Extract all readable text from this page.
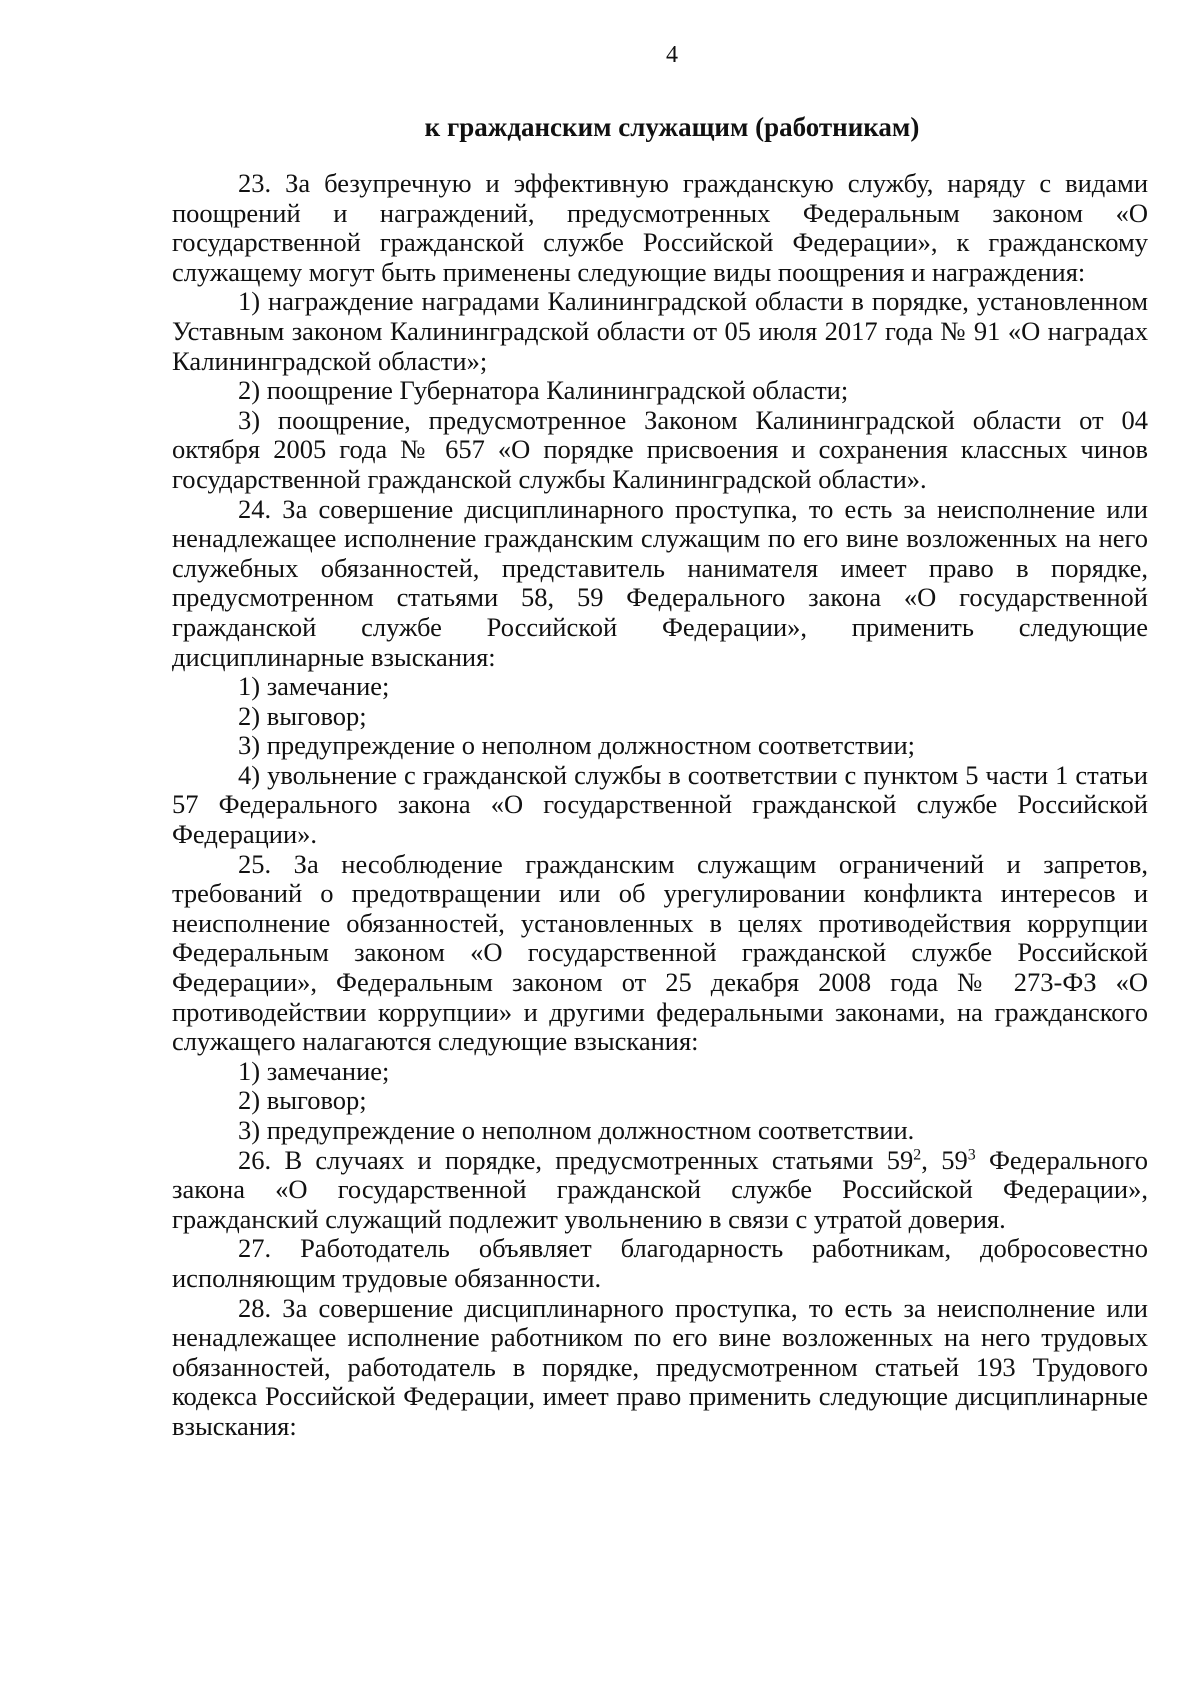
4
к гражданским служащим (работникам)

23. За безупречную и эффективную гражданскую службу, наряду с видами поощрений и награждений, предусмотренных Федеральным законом «О государственной гражданской службе Российской Федерации», к гражданскому служащему могут быть применены следующие виды поощрения и награждения:

1) награждение наградами Калининградской области в порядке, установленном Уставным законом Калининградской области от 05 июля 2017 года № 91 «О наградах Калининградской области»;

2) поощрение Губернатора Калининградской области;

3) поощрение, предусмотренное Законом Калининградской области от 04 октября 2005 года № 657 «О порядке присвоения и сохранения классных чинов государственной гражданской службы Калининградской области».

24. За совершение дисциплинарного проступка, то есть за неисполнение или ненадлежащее исполнение гражданским служащим по его вине возложенных на него служебных обязанностей, представитель нанимателя имеет право в порядке, предусмотренном статьями 58, 59 Федерального закона «О государственной гражданской службе Российской Федерации», применить следующие дисциплинарные взыскания:

1) замечание;

2) выговор;

3) предупреждение о неполном должностном соответствии;

4) увольнение с гражданской службы в соответствии с пунктом 5 части 1 статьи 57 Федерального закона «О государственной гражданской службе Российской Федерации».

25. За несоблюдение гражданским служащим ограничений и запретов, требований о предотвращении или об урегулировании конфликта интересов и неисполнение обязанностей, установленных в целях противодействия коррупции Федеральным законом «О государственной гражданской службе Российской Федерации», Федеральным законом от 25 декабря 2008 года № 273-ФЗ «О противодействии коррупции» и другими федеральными законами, на гражданского служащего налагаются следующие взыскания:

1) замечание;

2) выговор;

3) предупреждение о неполном должностном соответствии.

26. В случаях и порядке, предусмотренных статьями $59^2$, $59^3$ Федерального закона «О государственной гражданской службе Российской Федерации», гражданский служащий подлежит увольнению в связи с утратой доверия.

27. Работодатель объявляет благодарность работникам, добросовестно исполняющим трудовые обязанности.

28. За совершение дисциплинарного проступка, то есть за неисполнение или ненадлежащее исполнение работником по его вине возложенных на него трудовых обязанностей, работодатель в порядке, предусмотренном статьей 193 Трудового кодекса Российской Федерации, имеет право применить следующие дисциплинарные взыскания:
